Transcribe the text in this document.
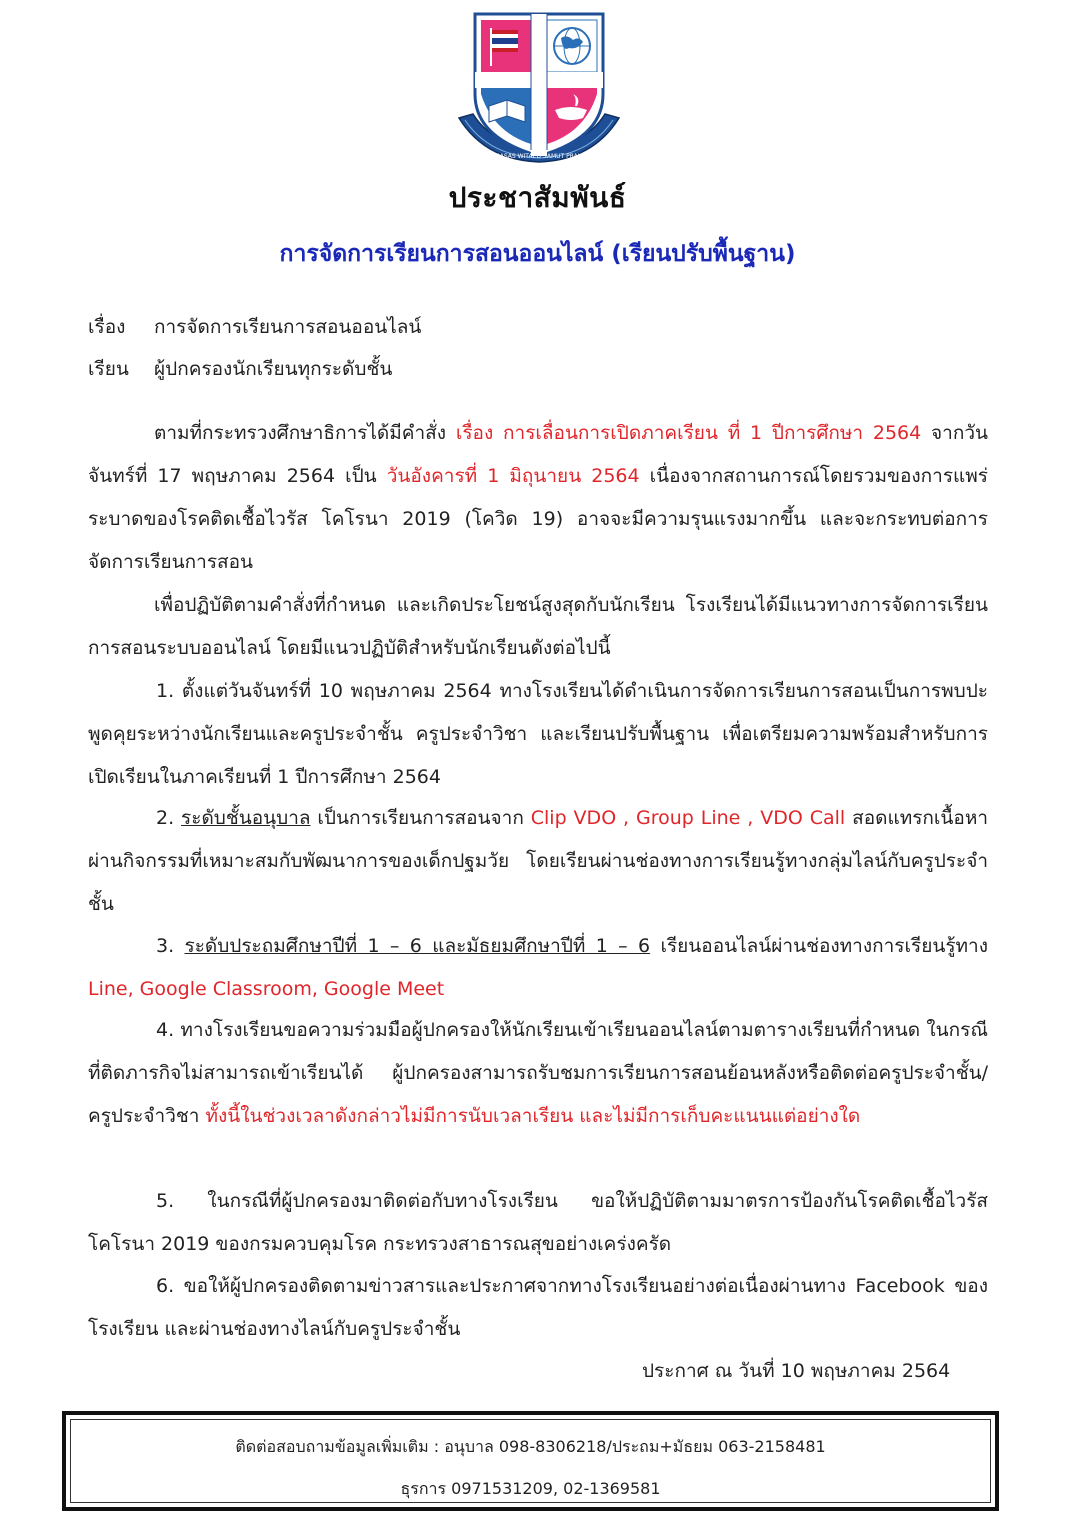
SARASAS WITAED SAMUT PRAKAN
ประชาสัมพันธ์
การจัดการเรียนการสอนออนไลน์ (เรียนปรับพื้นฐาน)
เรื่อง การจัดการเรียนการสอนออนไลน์
เรียน ผู้ปกครองนักเรียนทุกระดับชั้น
ตามที่กระทรวงศึกษาธิการได้มีคำสั่ง เรื่อง การเลื่อนการเปิดภาคเรียน ที่ 1 ปีการศึกษา 2564 จากวันจันทร์ที่ 17 พฤษภาคม 2564 เป็น วันอังคารที่ 1 มิถุนายน 2564 เนื่องจากสถานการณ์โดยรวมของการแพร่ระบาดของโรคติดเชื้อไวรัส โคโรนา 2019 (โควิด 19) อาจจะมีความรุนแรงมากขึ้น และจะกระทบต่อการจัดการเรียนการสอน
เพื่อปฏิบัติตามคำสั่งที่กำหนด และเกิดประโยชน์สูงสุดกับนักเรียน โรงเรียนได้มีแนวทางการจัดการเรียนการสอนระบบออนไลน์ โดยมีแนวปฏิบัติสำหรับนักเรียนดังต่อไปนี้
1. ตั้งแต่วันจันทร์ที่ 10 พฤษภาคม 2564 ทางโรงเรียนได้ดำเนินการจัดการเรียนการสอนเป็นการพบปะพูดคุยระหว่างนักเรียนและครูประจำชั้น ครูประจำวิชา และเรียนปรับพื้นฐาน เพื่อเตรียมความพร้อมสำหรับการเปิดเรียนในภาคเรียนที่ 1 ปีการศึกษา 2564
2. ระดับชั้นอนุบาล เป็นการเรียนการสอนจาก Clip VDO , Group Line , VDO Call สอดแทรกเนื้อหาผ่านกิจกรรมที่เหมาะสมกับพัฒนาการของเด็กปฐมวัย โดยเรียนผ่านช่องทางการเรียนรู้ทางกลุ่มไลน์กับครูประจำชั้น
3. ระดับประถมศึกษาปีที่ 1 – 6 และมัธยมศึกษาปีที่ 1 – 6 เรียนออนไลน์ผ่านช่องทางการเรียนรู้ทาง Line, Google Classroom, Google Meet
4. ทางโรงเรียนขอความร่วมมือผู้ปกครองให้นักเรียนเข้าเรียนออนไลน์ตามตารางเรียนที่กำหนด ในกรณีที่ติดภารกิจไม่สามารถเข้าเรียนได้ ผู้ปกครองสามารถรับชมการเรียนการสอนย้อนหลังหรือติดต่อครูประจำชั้น/ครูประจำวิชา ทั้งนี้ในช่วงเวลาดังกล่าวไม่มีการนับเวลาเรียน และไม่มีการเก็บคะแนนแต่อย่างใด
5. ในกรณีที่ผู้ปกครองมาติดต่อกับทางโรงเรียน ขอให้ปฏิบัติตามมาตรการป้องกันโรคติดเชื้อไวรัส โคโรนา 2019 ของกรมควบคุมโรค กระทรวงสาธารณสุขอย่างเคร่งครัด
6. ขอให้ผู้ปกครองติดตามข่าวสารและประกาศจากทางโรงเรียนอย่างต่อเนื่องผ่านทาง Facebook ของโรงเรียน และผ่านช่องทางไลน์กับครูประจำชั้น
ประกาศ ณ วันที่ 10 พฤษภาคม 2564
ติดต่อสอบถามข้อมูลเพิ่มเติม : อนุบาล 098-8306218/ประถม+มัธยม 063-2158481
ธุรการ 0971531209, 02-1369581
